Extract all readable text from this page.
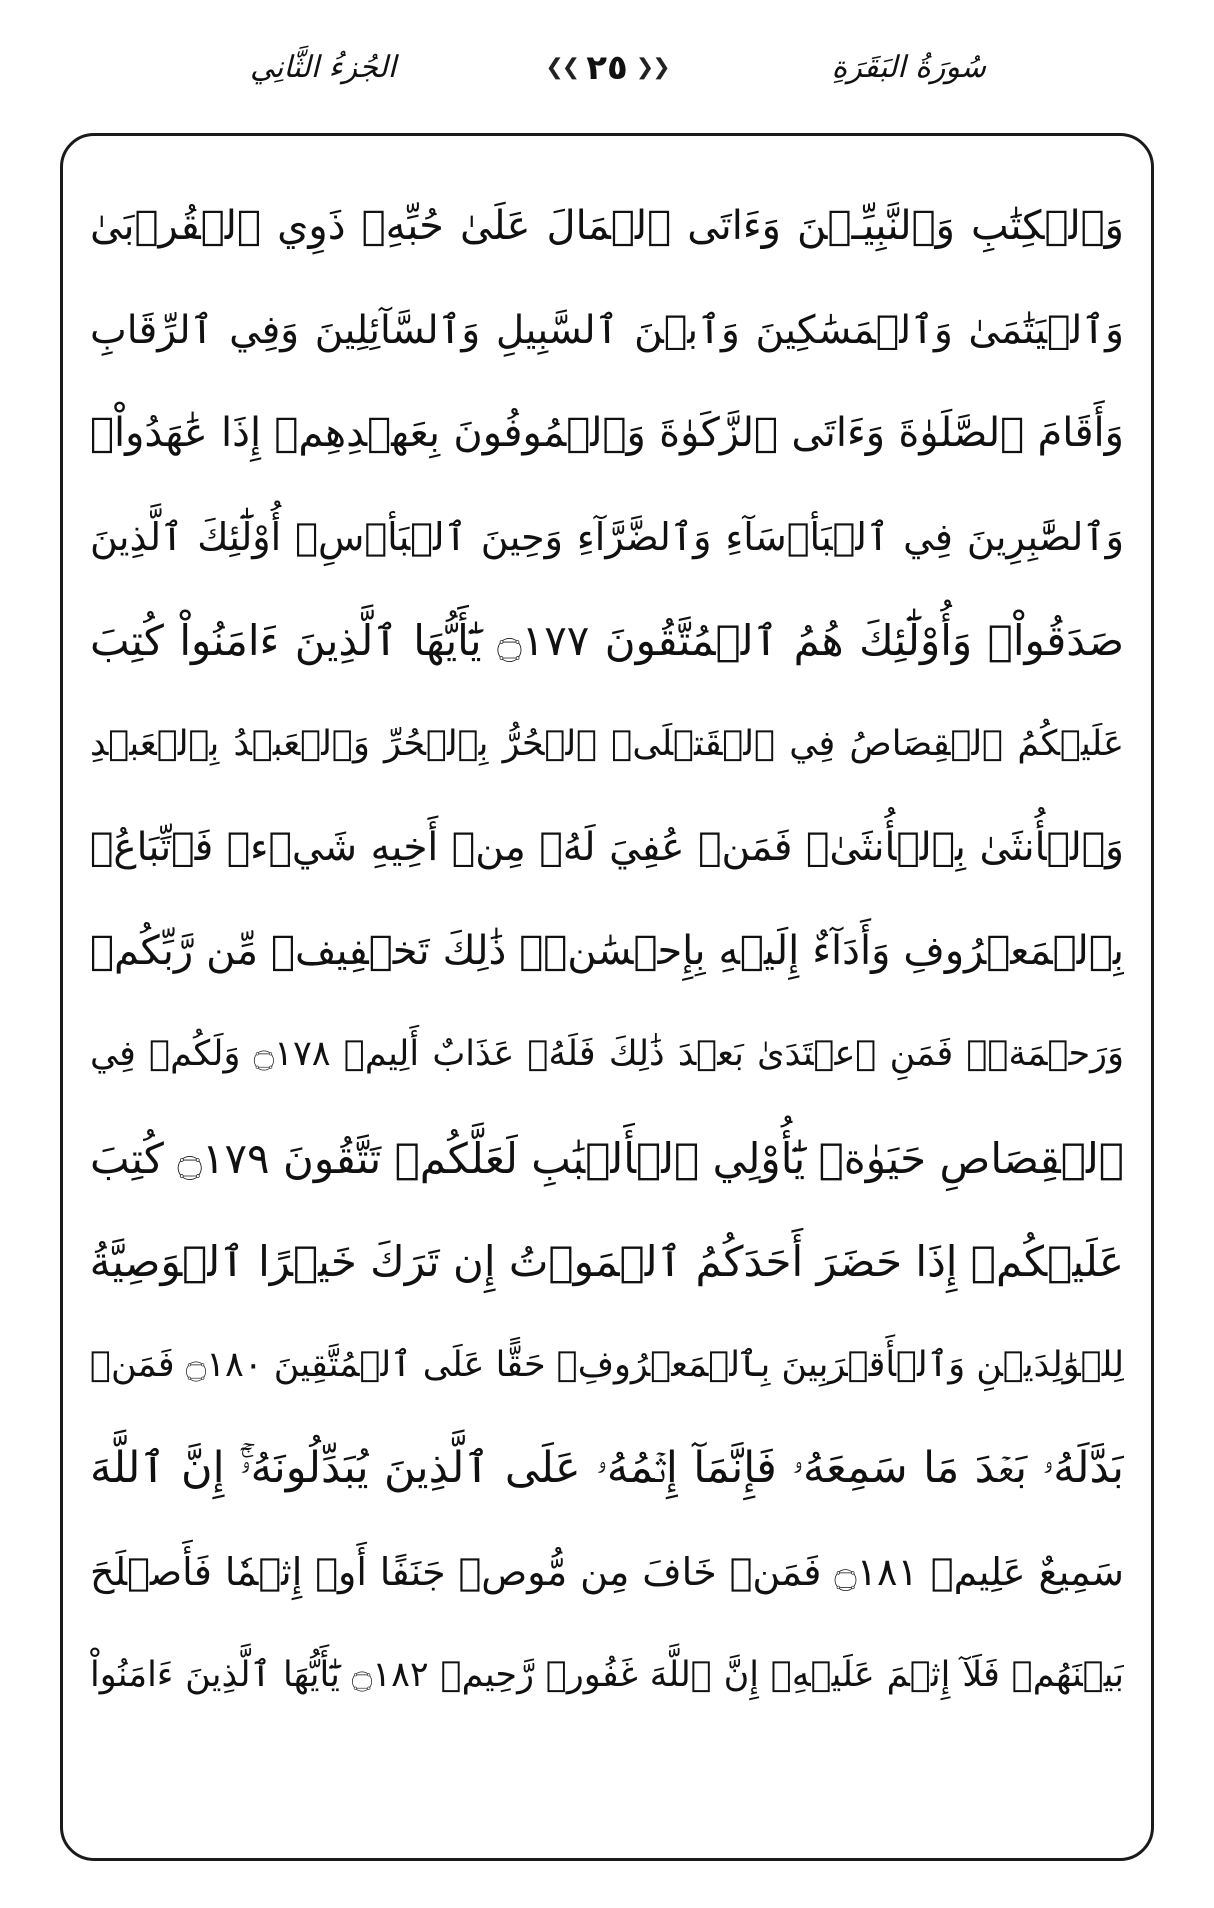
سُورَةُ البَقَرَةِ
❮❮ ٢٥ ❯❯
الجُزءُ الثَّانِي
وَٱلۡكِتَٰبِ وَٱلنَّبِيِّـۧنَ وَءَاتَى ٱلۡمَالَ عَلَىٰ حُبِّهِۦ ذَوِي ٱلۡقُرۡبَىٰ
وَٱلۡيَتَٰمَىٰ وَٱلۡمَسَٰكِينَ وَٱبۡنَ ٱلسَّبِيلِ وَٱلسَّآئِلِينَ وَفِي ٱلرِّقَابِ
وَأَقَامَ ٱلصَّلَوٰةَ وَءَاتَى ٱلزَّكَوٰةَ وَٱلۡمُوفُونَ بِعَهۡدِهِمۡ إِذَا عَٰهَدُواْۖ
وَٱلصَّٰبِرِينَ فِي ٱلۡبَأۡسَآءِ وَٱلضَّرَّآءِ وَحِينَ ٱلۡبَأۡسِۗ أُوْلَٰٓئِكَ ٱلَّذِينَ
صَدَقُواْۖ وَأُوْلَٰٓئِكَ هُمُ ٱلۡمُتَّقُونَ ۝١٧٧ يَٰٓأَيُّهَا ٱلَّذِينَ ءَامَنُواْ كُتِبَ
عَلَيۡكُمُ ٱلۡقِصَاصُ فِي ٱلۡقَتۡلَىۖ ٱلۡحُرُّ بِٱلۡحُرِّ وَٱلۡعَبۡدُ بِٱلۡعَبۡدِ
وَٱلۡأُنثَىٰ بِٱلۡأُنثَىٰۚ فَمَنۡ عُفِيَ لَهُۥ مِنۡ أَخِيهِ شَيۡءٞ فَٱتِّبَاعُۢ
بِٱلۡمَعۡرُوفِ وَأَدَآءٌ إِلَيۡهِ بِإِحۡسَٰنٖۗ ذَٰلِكَ تَخۡفِيفٞ مِّن رَّبِّكُمۡ
وَرَحۡمَةٞۗ فَمَنِ ٱعۡتَدَىٰ بَعۡدَ ذَٰلِكَ فَلَهُۥ عَذَابٌ أَلِيمٞ ۝١٧٨ وَلَكُمۡ فِي
ٱلۡقِصَاصِ حَيَوٰةٞ يَٰٓأُوْلِي ٱلۡأَلۡبَٰبِ لَعَلَّكُمۡ تَتَّقُونَ ۝١٧٩ كُتِبَ
عَلَيۡكُمۡ إِذَا حَضَرَ أَحَدَكُمُ ٱلۡمَوۡتُ إِن تَرَكَ خَيۡرًا ٱلۡوَصِيَّةُ
لِلۡوَٰلِدَيۡنِ وَٱلۡأَقۡرَبِينَ بِٱلۡمَعۡرُوفِۖ حَقًّا عَلَى ٱلۡمُتَّقِينَ ۝١٨٠ فَمَنۢ
بَدَّلَهُۥ بَعۡدَ مَا سَمِعَهُۥ فَإِنَّمَآ إِثۡمُهُۥ عَلَى ٱلَّذِينَ يُبَدِّلُونَهُۥٓۚ إِنَّ ٱللَّهَ
سَمِيعٌ عَلِيمٞ ۝١٨١ فَمَنۡ خَافَ مِن مُّوصٖ جَنَفًا أَوۡ إِثۡمٗا فَأَصۡلَحَ
بَيۡنَهُمۡ فَلَآ إِثۡمَ عَلَيۡهِۚ إِنَّ ٱللَّهَ غَفُورٞ رَّحِيمٞ ۝١٨٢ يَٰٓأَيُّهَا ٱلَّذِينَ ءَامَنُواْ
